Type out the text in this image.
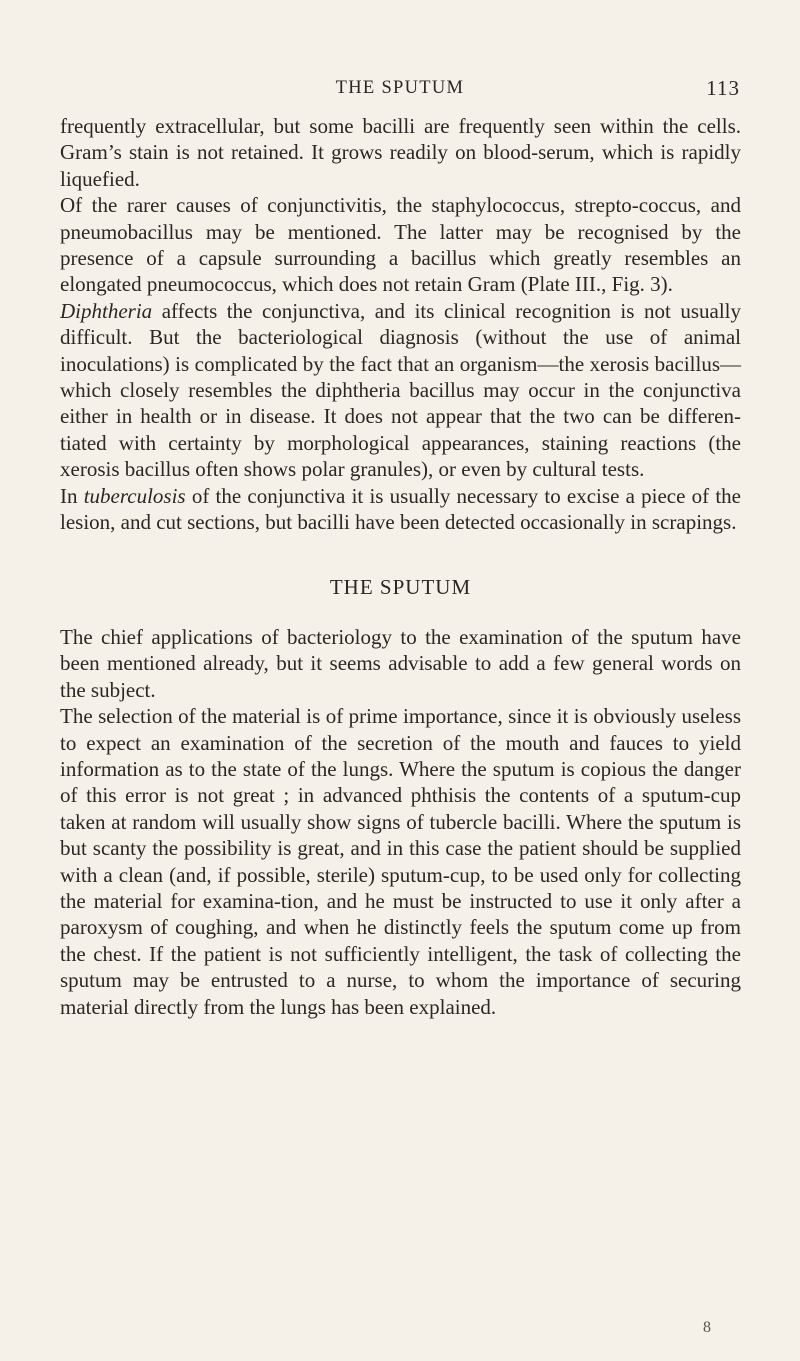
THE SPUTUM	113

frequently extracellular, but some bacilli are frequently seen within the cells. Gram’s stain is not retained. It grows readily on blood-serum, which is rapidly liquefied.

Of the rarer causes of conjunctivitis, the staphylococcus, strepto-coccus, and pneumobacillus may be mentioned. The latter may be recognised by the presence of a capsule surrounding a bacillus which greatly resembles an elongated pneumococcus, which does not retain Gram (Plate III., Fig. 3).

Diphtheria affects the conjunctiva, and its clinical recognition is not usually difficult. But the bacteriological diagnosis (without the use of animal inoculations) is complicated by the fact that an organism—the xerosis bacillus—which closely resembles the diphtheria bacillus may occur in the conjunctiva either in health or in disease. It does not appear that the two can be differen-tiated with certainty by morphological appearances, staining reactions (the xerosis bacillus often shows polar granules), or even by cultural tests.

In tuberculosis of the conjunctiva it is usually necessary to excise a piece of the lesion, and cut sections, but bacilli have been detected occasionally in scrapings.

THE SPUTUM

The chief applications of bacteriology to the examination of the sputum have been mentioned already, but it seems advisable to add a few general words on the subject.

The selection of the material is of prime importance, since it is obviously useless to expect an examination of the secretion of the mouth and fauces to yield information as to the state of the lungs. Where the sputum is copious the danger of this error is not great ; in advanced phthisis the contents of a sputum-cup taken at random will usually show signs of tubercle bacilli. Where the sputum is but scanty the possibility is great, and in this case the patient should be supplied with a clean (and, if possible, sterile) sputum-cup, to be used only for collecting the material for examina-tion, and he must be instructed to use it only after a paroxysm of coughing, and when he distinctly feels the sputum come up from the chest. If the patient is not sufficiently intelligent, the task of collecting the sputum may be entrusted to a nurse, to whom the importance of securing material directly from the lungs has been explained.

8
